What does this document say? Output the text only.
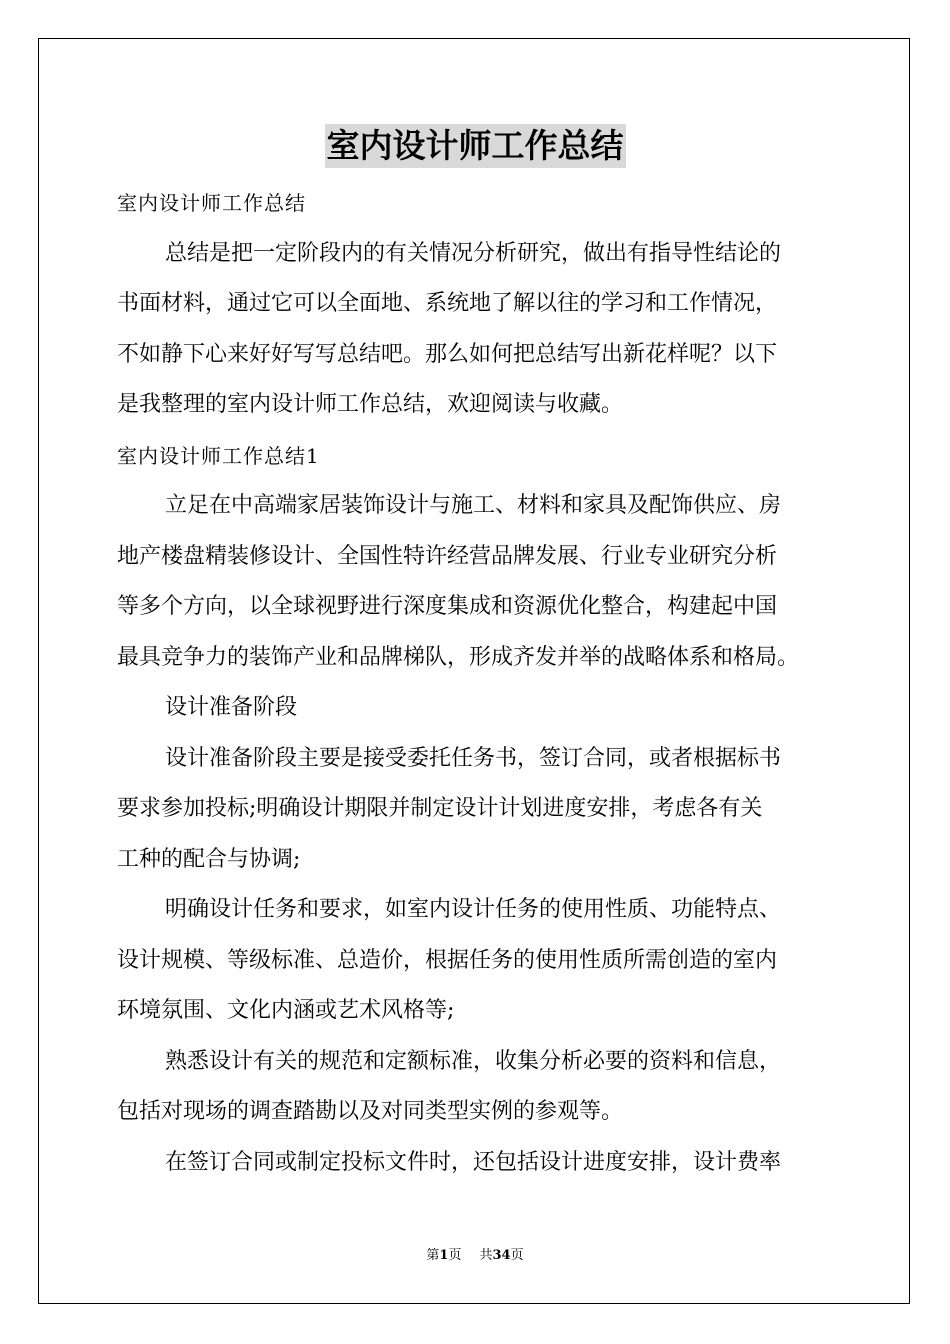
室内设计师工作总结
室内设计师工作总结
总结是把一定阶段内的有关情况分析研究，做出有指导性结论的
书面材料，通过它可以全面地、系统地了解以往的学习和工作情况，
不如静下心来好好写写总结吧。那么如何把总结写出新花样呢？以下
是我整理的室内设计师工作总结，欢迎阅读与收藏。
室内设计师工作总结1
立足在中高端家居装饰设计与施工、材料和家具及配饰供应、房
地产楼盘精装修设计、全国性特许经营品牌发展、行业专业研究分析
等多个方向，以全球视野进行深度集成和资源优化整合，构建起中国
最具竞争力的装饰产业和品牌梯队，形成齐发并举的战略体系和格局。
设计准备阶段
设计准备阶段主要是接受委托任务书，签订合同，或者根据标书
要求参加投标;明确设计期限并制定设计计划进度安排，考虑各有关
工种的配合与协调;
明确设计任务和要求，如室内设计任务的使用性质、功能特点、
设计规模、等级标准、总造价，根据任务的使用性质所需创造的室内
环境氛围、文化内涵或艺术风格等;
熟悉设计有关的规范和定额标准，收集分析必要的资料和信息，
包括对现场的调查踏勘以及对同类型实例的参观等。
在签订合同或制定投标文件时，还包括设计进度安排，设计费率
第1页 共34页
